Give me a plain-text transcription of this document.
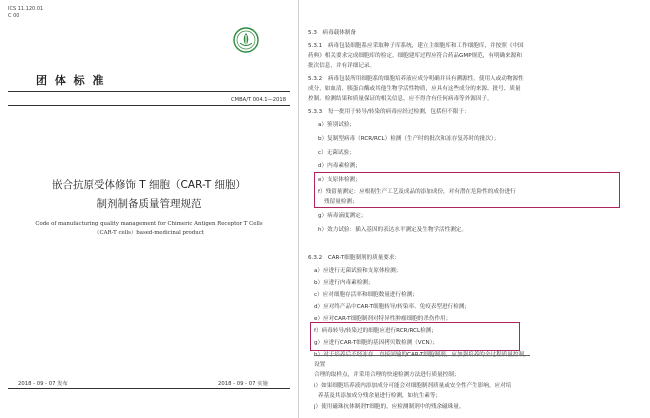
ICS 11.120.01
C 00
团 体 标 准
CMBA/T 004.1—2018
嵌合抗原受体修饰 T 细胞（CAR-T 细胞）
制剂制备质量管理规范
Code of manufacturing quality management for Chimeric Antigen Receptor T Cells
（CAR-T cells）based-medicinal product
2018 - 09 - 07 发布	2018 - 09 - 07 实施
5.3　病毒载体制备
5.3.1　病毒包装细胞系应采取种子库系统，建立主细胞库和工作细胞库，并按照《中国
药典》相关要求完成细胞库的检定。细胞建库过程应符合药品GMP规范，有明确来源和
批次信息，并有详细记录。
5.3.2　病毒包装所用细胞系的细胞培养液应成分明确并具有溯源性。使用人或动物源性
成分，如血清、胰蛋白酶或其他生物学活性物质，应具有这些成分的来源、批号、质量
控制、检测结果和质量保证的相关信息，应不得含有任何病毒等外源因子。
5.3.3　每一批用于转导/转染的病毒应经过检测，包括但不限于：
a）鉴别试验；
b）复制型病毒（RCR/RCL）检测（生产时的批次和冻存复苏时的批次）；
c）无菌试验；
d）内毒素检测；
e）支原体检测；
f）残留量测定：应根据生产工艺及成品的添加成份，对有潜在危险性的成份进行
残留量检测；
g）病毒滴度测定；
h）效力试验：插入基因的表达水平测定及生物学活性测定。
6.3.2　CAR-T细胞制剂的质量要求：
a）应进行无菌试验和支原体检测；
b）应进行内毒素检测；
c）应对细胞存活率和细胞数量进行检测；
d）应对终产品中CAR-T细胞转导/转染率、免疫表型进行检测；
e）应对CAR-T细胞制剂对特异性肿瘤细胞的杀伤作用；
f）病毒转导/转染过的细胞应进行RCR/RCL检测；
g）应进行CAR-T细胞的基因拷贝数检测（VCN）；
h）对于培养后不经冻存、直接回输的CAR-T细胞制剂，应加强培养的全过程质量控制，
设置
合理的取样点，并采用合理的快速检测方法进行质量控制；
i）如果细胞培养液内添加成分可能会对细胞制剂质量或安全性产生影响，应对培
养基及其添加成分残余量进行检测，如抗生素等；
j）使用磁珠抗体制剂T细胞的，应检测制剂中的残余磁珠量。
